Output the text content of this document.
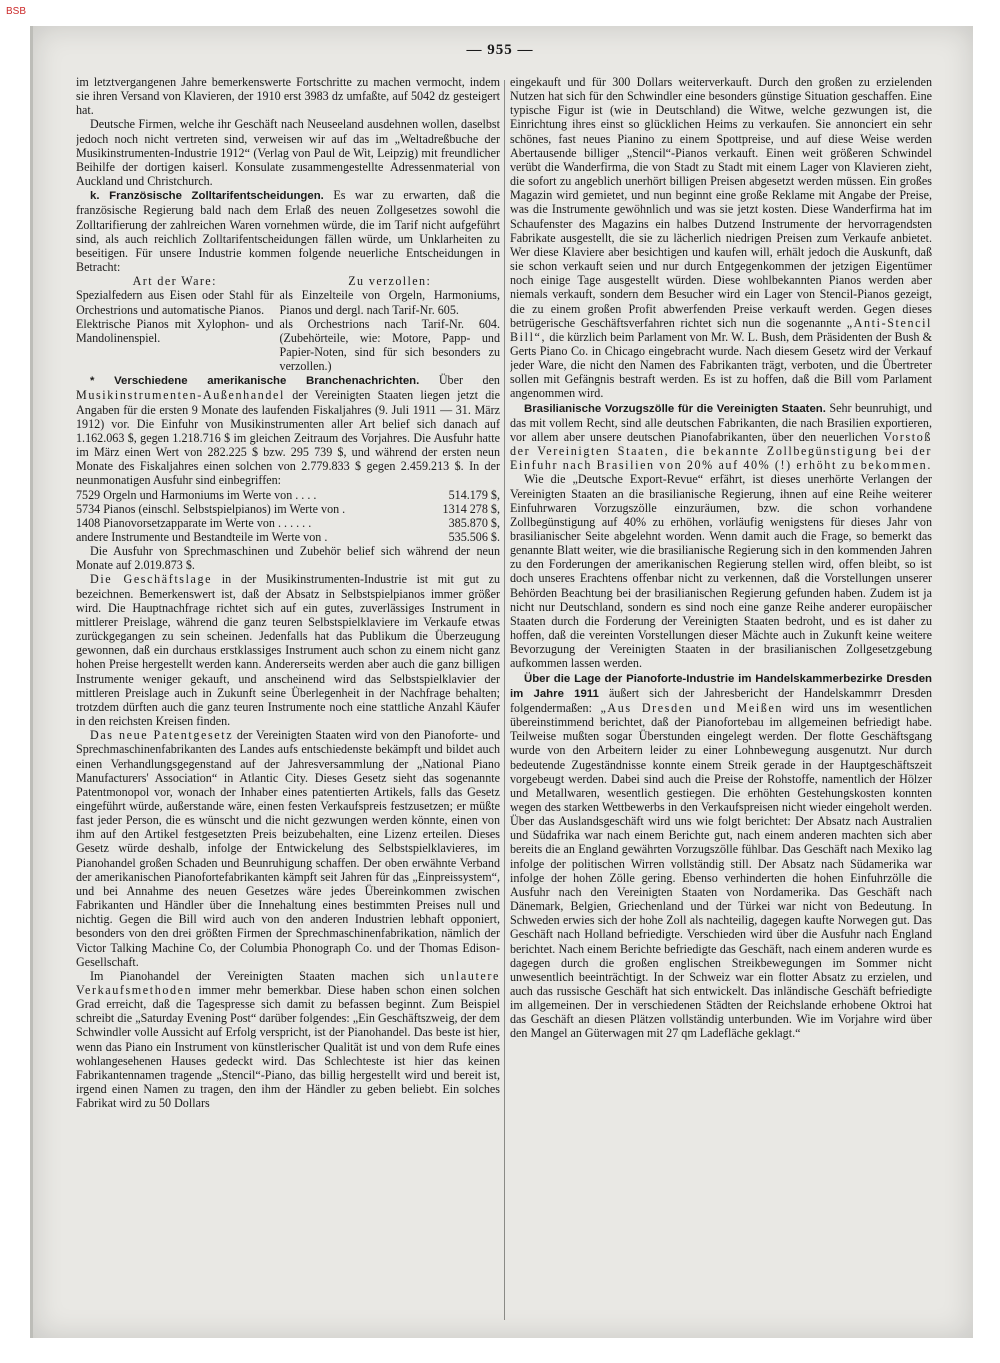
BSB
— 955 —

im letztvergangenen Jahre bemerkenswerte Fortschritte zu machen vermocht, indem sie ihren Versand von Klavieren, der 1910 erst 3983 dz umfaßte, auf 5042 dz gesteigert hat.

Deutsche Firmen, welche ihr Geschäft nach Neuseeland ausdehnen wollen, daselbst jedoch noch nicht vertreten sind, verweisen wir auf das im „Weltadreßbuche der Musikinstrumenten-Industrie 1912“ (Verlag von Paul de Wit, Leipzig) mit freundlicher Beihilfe der dortigen kaiserl. Konsulate zusammengestellte Adressenmaterial von Auckland und Christchurch.

k. Französische Zolltarifentscheidungen. Es war zu erwarten, daß die französische Regierung bald nach dem Erlaß des neuen Zollgesetzes sowohl die Zolltarifierung der zahlreichen Waren vornehmen würde, die im Tarif nicht aufgeführt sind, als auch reichlich Zolltarifentscheidungen fällen würde, um Unklarheiten zu beseitigen. Für unsere Industrie kommen folgende neuerliche Entscheidungen in Betracht:

Art der Ware:	Zu verzollen:
Spezialfedern aus Eisen oder Stahl für Orchestrions und automatische Pianos.	als Einzelteile von Orgeln, Harmoniums, Pianos und dergl. nach Tarif-Nr. 605.
Elektrische Pianos mit Xylophon- und Mandolinenspiel.	als Orchestrions nach Tarif-Nr. 604. (Zubehörteile, wie: Motore, Papp- und Papier-Noten, sind für sich besonders zu verzollen.)

* Verschiedene amerikanische Branchenachrichten. Über den Musikinstrumenten-Außenhandel der Vereinigten Staaten liegen jetzt die Angaben für die ersten 9 Monate des laufenden Fiskaljahres (9. Juli 1911 — 31. März 1912) vor. Die Einfuhr von Musikinstrumenten aller Art belief sich danach auf 1.162.063 $, gegen 1.218.716 $ im gleichen Zeitraum des Vorjahres. Die Ausfuhr hatte im März einen Wert von 282.225 $ bzw. 295 739 $, und während der ersten neun Monate des Fiskaljahres einen solchen von 2.779.833 $ gegen 2.459.213 $. In der neunmonatigen Ausfuhr sind einbegriffen:

7529 Orgeln und Harmoniums im Werte von . . . .	514.179 $,
5734 Pianos (einschl. Selbstspielpianos) im Werte von .	1314 278 $,
1408 Pianovorsetzapparate im Werte von . . . . . .	385.870 $,
andere Instrumente und Bestandteile im Werte von .	535.506 $.

Die Ausfuhr von Sprechmaschinen und Zubehör belief sich während der neun Monate auf 2.019.873 $.

Die Geschäftslage in der Musikinstrumenten-Industrie ist mit gut zu bezeichnen. Bemerkenswert ist, daß der Absatz in Selbstspielpianos immer größer wird. Die Hauptnachfrage richtet sich auf ein gutes, zuverlässiges Instrument in mittlerer Preislage, während die ganz teuren Selbstspielklaviere im Verkaufe etwas zurückgegangen zu sein scheinen. Jedenfalls hat das Publikum die Überzeugung gewonnen, daß ein durchaus erstklassiges Instrument auch schon zu einem nicht ganz hohen Preise hergestellt werden kann. Andererseits werden aber auch die ganz billigen Instrumente weniger gekauft, und anscheinend wird das Selbstspielklavier der mittleren Preislage auch in Zukunft seine Überlegenheit in der Nachfrage behalten; trotzdem dürften auch die ganz teuren Instrumente noch eine stattliche Anzahl Käufer in den reichsten Kreisen finden.

Das neue Patentgesetz der Vereinigten Staaten wird von den Pianoforte- und Sprechmaschinenfabrikanten des Landes aufs entschiedenste bekämpft und bildet auch einen Verhandlungsgegenstand auf der Jahresversammlung der „National Piano Manufacturers' Association“ in Atlantic City. Dieses Gesetz sieht das sogenannte Patentmonopol vor, wonach der Inhaber eines patentierten Artikels, falls das Gesetz eingeführt würde, außerstande wäre, einen festen Verkaufspreis festzusetzen; er müßte fast jeder Person, die es wünscht und die nicht gezwungen werden könnte, einen von ihm auf den Artikel festgesetzten Preis beizubehalten, eine Lizenz erteilen. Dieses Gesetz würde deshalb, infolge der Entwickelung des Selbstspielklavieres, im Pianohandel großen Schaden und Beunruhigung schaffen. Der oben erwähnte Verband der amerikanischen Pianofortefabrikanten kämpft seit Jahren für das „Einpreissystem“, und bei Annahme des neuen Gesetzes wäre jedes Übereinkommen zwischen Fabrikanten und Händler über die Innehaltung eines bestimmten Preises null und nichtig. Gegen die Bill wird auch von den anderen Industrien lebhaft opponiert, besonders von den drei größten Firmen der Sprechmaschinenfabrikation, nämlich der Victor Talking Machine Co, der Columbia Phonograph Co. und der Thomas Edison-Gesellschaft.

Im Pianohandel der Vereinigten Staaten machen sich unlautere Verkaufsmethoden immer mehr bemerkbar. Diese haben schon einen solchen Grad erreicht, daß die Tagespresse sich damit zu befassen beginnt. Zum Beispiel schreibt die „Saturday Evening Post“ darüber folgendes: „Ein Geschäftszweig, der dem Schwindler volle Aussicht auf Erfolg verspricht, ist der Pianohandel. Das beste ist hier, wenn das Piano ein Instrument von künstlerischer Qualität ist und von dem Rufe eines wohlangesehenen Hauses gedeckt wird. Das Schlechteste ist hier das keinen Fabrikantennamen tragende „Stencil“-Piano, das billig hergestellt wird und bereit ist, irgend einen Namen zu tragen, den ihm der Händler zu geben beliebt. Ein solches Fabrikat wird zu 50 Dollars

eingekauft und für 300 Dollars weiterverkauft. Durch den großen zu erzielenden Nutzen hat sich für den Schwindler eine besonders günstige Situation geschaffen. Eine typische Figur ist (wie in Deutschland) die Witwe, welche gezwungen ist, die Einrichtung ihres einst so glücklichen Heims zu verkaufen. Sie annonciert ein sehr schönes, fast neues Pianino zu einem Spottpreise, und auf diese Weise werden Abertausende billiger „Stencil“-Pianos verkauft. Einen weit größeren Schwindel verübt die Wanderfirma, die von Stadt zu Stadt mit einem Lager von Klavieren zieht, die sofort zu angeblich unerhört billigen Preisen abgesetzt werden müssen. Ein großes Magazin wird gemietet, und nun beginnt eine große Reklame mit Angabe der Preise, was die Instrumente gewöhnlich und was sie jetzt kosten. Diese Wanderfirma hat im Schaufenster des Magazins ein halbes Dutzend Instrumente der hervorragendsten Fabrikate ausgestellt, die sie zu lächerlich niedrigen Preisen zum Verkaufe anbietet. Wer diese Klaviere aber besichtigen und kaufen will, erhält jedoch die Auskunft, daß sie schon verkauft seien und nur durch Entgegenkommen der jetzigen Eigentümer noch einige Tage ausgestellt würden. Diese wohlbekannten Pianos werden aber niemals verkauft, sondern dem Besucher wird ein Lager von Stencil-Pianos gezeigt, die zu einem großen Profit abwerfenden Preise verkauft werden. Gegen dieses betrügerische Geschäftsverfahren richtet sich nun die sogenannte „Anti-Stencil Bill“, die kürzlich beim Parlament von Mr. W. L. Bush, dem Präsidenten der Bush & Gerts Piano Co. in Chicago eingebracht wurde. Nach diesem Gesetz wird der Verkauf jeder Ware, die nicht den Namen des Fabrikanten trägt, verboten, und die Übertreter sollen mit Gefängnis bestraft werden. Es ist zu hoffen, daß die Bill vom Parlament angenommen wird.

Brasilianische Vorzugszölle für die Vereinigten Staaten. Sehr beunruhigt, und das mit vollem Recht, sind alle deutschen Fabrikanten, die nach Brasilien exportieren, vor allem aber unsere deutschen Pianofabrikanten, über den neuerlichen Vorstoß der Vereinigten Staaten, die bekannte Zollbegünstigung bei der Einfuhr nach Brasilien von 20% auf 40% (!) erhöht zu bekommen.

Wie die „Deutsche Export-Revue“ erfährt, ist dieses unerhörte Verlangen der Vereinigten Staaten an die brasilianische Regierung, ihnen auf eine Reihe weiterer Einfuhrwaren Vorzugszölle einzuräumen, bzw. die schon vorhandene Zollbegünstigung auf 40% zu erhöhen, vorläufig wenigstens für dieses Jahr von brasilianischer Seite abgelehnt worden. Wenn damit auch die Frage, so bemerkt das genannte Blatt weiter, wie die brasilianische Regierung sich in den kommenden Jahren zu den Forderungen der amerikanischen Regierung stellen wird, offen bleibt, so ist doch unseres Erachtens offenbar nicht zu verkennen, daß die Vorstellungen unserer Behörden Beachtung bei der brasilianischen Regierung gefunden haben. Zudem ist ja nicht nur Deutschland, sondern es sind noch eine ganze Reihe anderer europäischer Staaten durch die Forderung der Vereinigten Staaten bedroht, und es ist daher zu hoffen, daß die vereinten Vorstellungen dieser Mächte auch in Zukunft keine weitere Bevorzugung der Vereinigten Staaten in der brasilianischen Zollgesetzgebung aufkommen lassen werden.

Über die Lage der Pianoforte-Industrie im Handelskammerbezirke Dresden im Jahre 1911 äußert sich der Jahresbericht der Handelskammrr Dresden folgendermaßen: „Aus Dresden und Meißen wird uns im wesentlichen übereinstimmend berichtet, daß der Pianofortebau im allgemeinen befriedigt habe. Teilweise mußten sogar Überstunden eingelegt werden. Der flotte Geschäftsgang wurde von den Arbeitern leider zu einer Lohnbewegung ausgenutzt. Nur durch bedeutende Zugeständnisse konnte einem Streik gerade in der Hauptgeschäftszeit vorgebeugt werden. Dabei sind auch die Preise der Rohstoffe, namentlich der Hölzer und Metallwaren, wesentlich gestiegen. Die erhöhten Gestehungskosten konnten wegen des starken Wettbewerbs in den Verkaufspreisen nicht wieder eingeholt werden. Über das Auslandsgeschäft wird uns wie folgt berichtet: Der Absatz nach Australien und Südafrika war nach einem Berichte gut, nach einem anderen machten sich aber bereits die an England gewährten Vorzugszölle fühlbar. Das Geschäft nach Mexiko lag infolge der politischen Wirren vollständig still. Der Absatz nach Südamerika war infolge der hohen Zölle gering. Ebenso verhinderten die hohen Einfuhrzölle die Ausfuhr nach den Vereinigten Staaten von Nordamerika. Das Geschäft nach Dänemark, Belgien, Griechenland und der Türkei war nicht von Bedeutung. In Schweden erwies sich der hohe Zoll als nachteilig, dagegen kaufte Norwegen gut. Das Geschäft nach Holland befriedigte. Verschieden wird über die Ausfuhr nach England berichtet. Nach einem Berichte befriedigte das Geschäft, nach einem anderen wurde es dagegen durch die großen englischen Streikbewegungen im Sommer nicht unwesentlich beeinträchtigt. In der Schweiz war ein flotter Absatz zu erzielen, und auch das russische Geschäft hat sich entwickelt. Das inländische Geschäft befriedigte im allgemeinen. Der in verschiedenen Städten der Reichslande erhobene Oktroi hat das Geschäft an diesen Plätzen vollständig unterbunden. Wie im Vorjahre wird über den Mangel an Güterwagen mit 27 qm Ladefläche geklagt.“
